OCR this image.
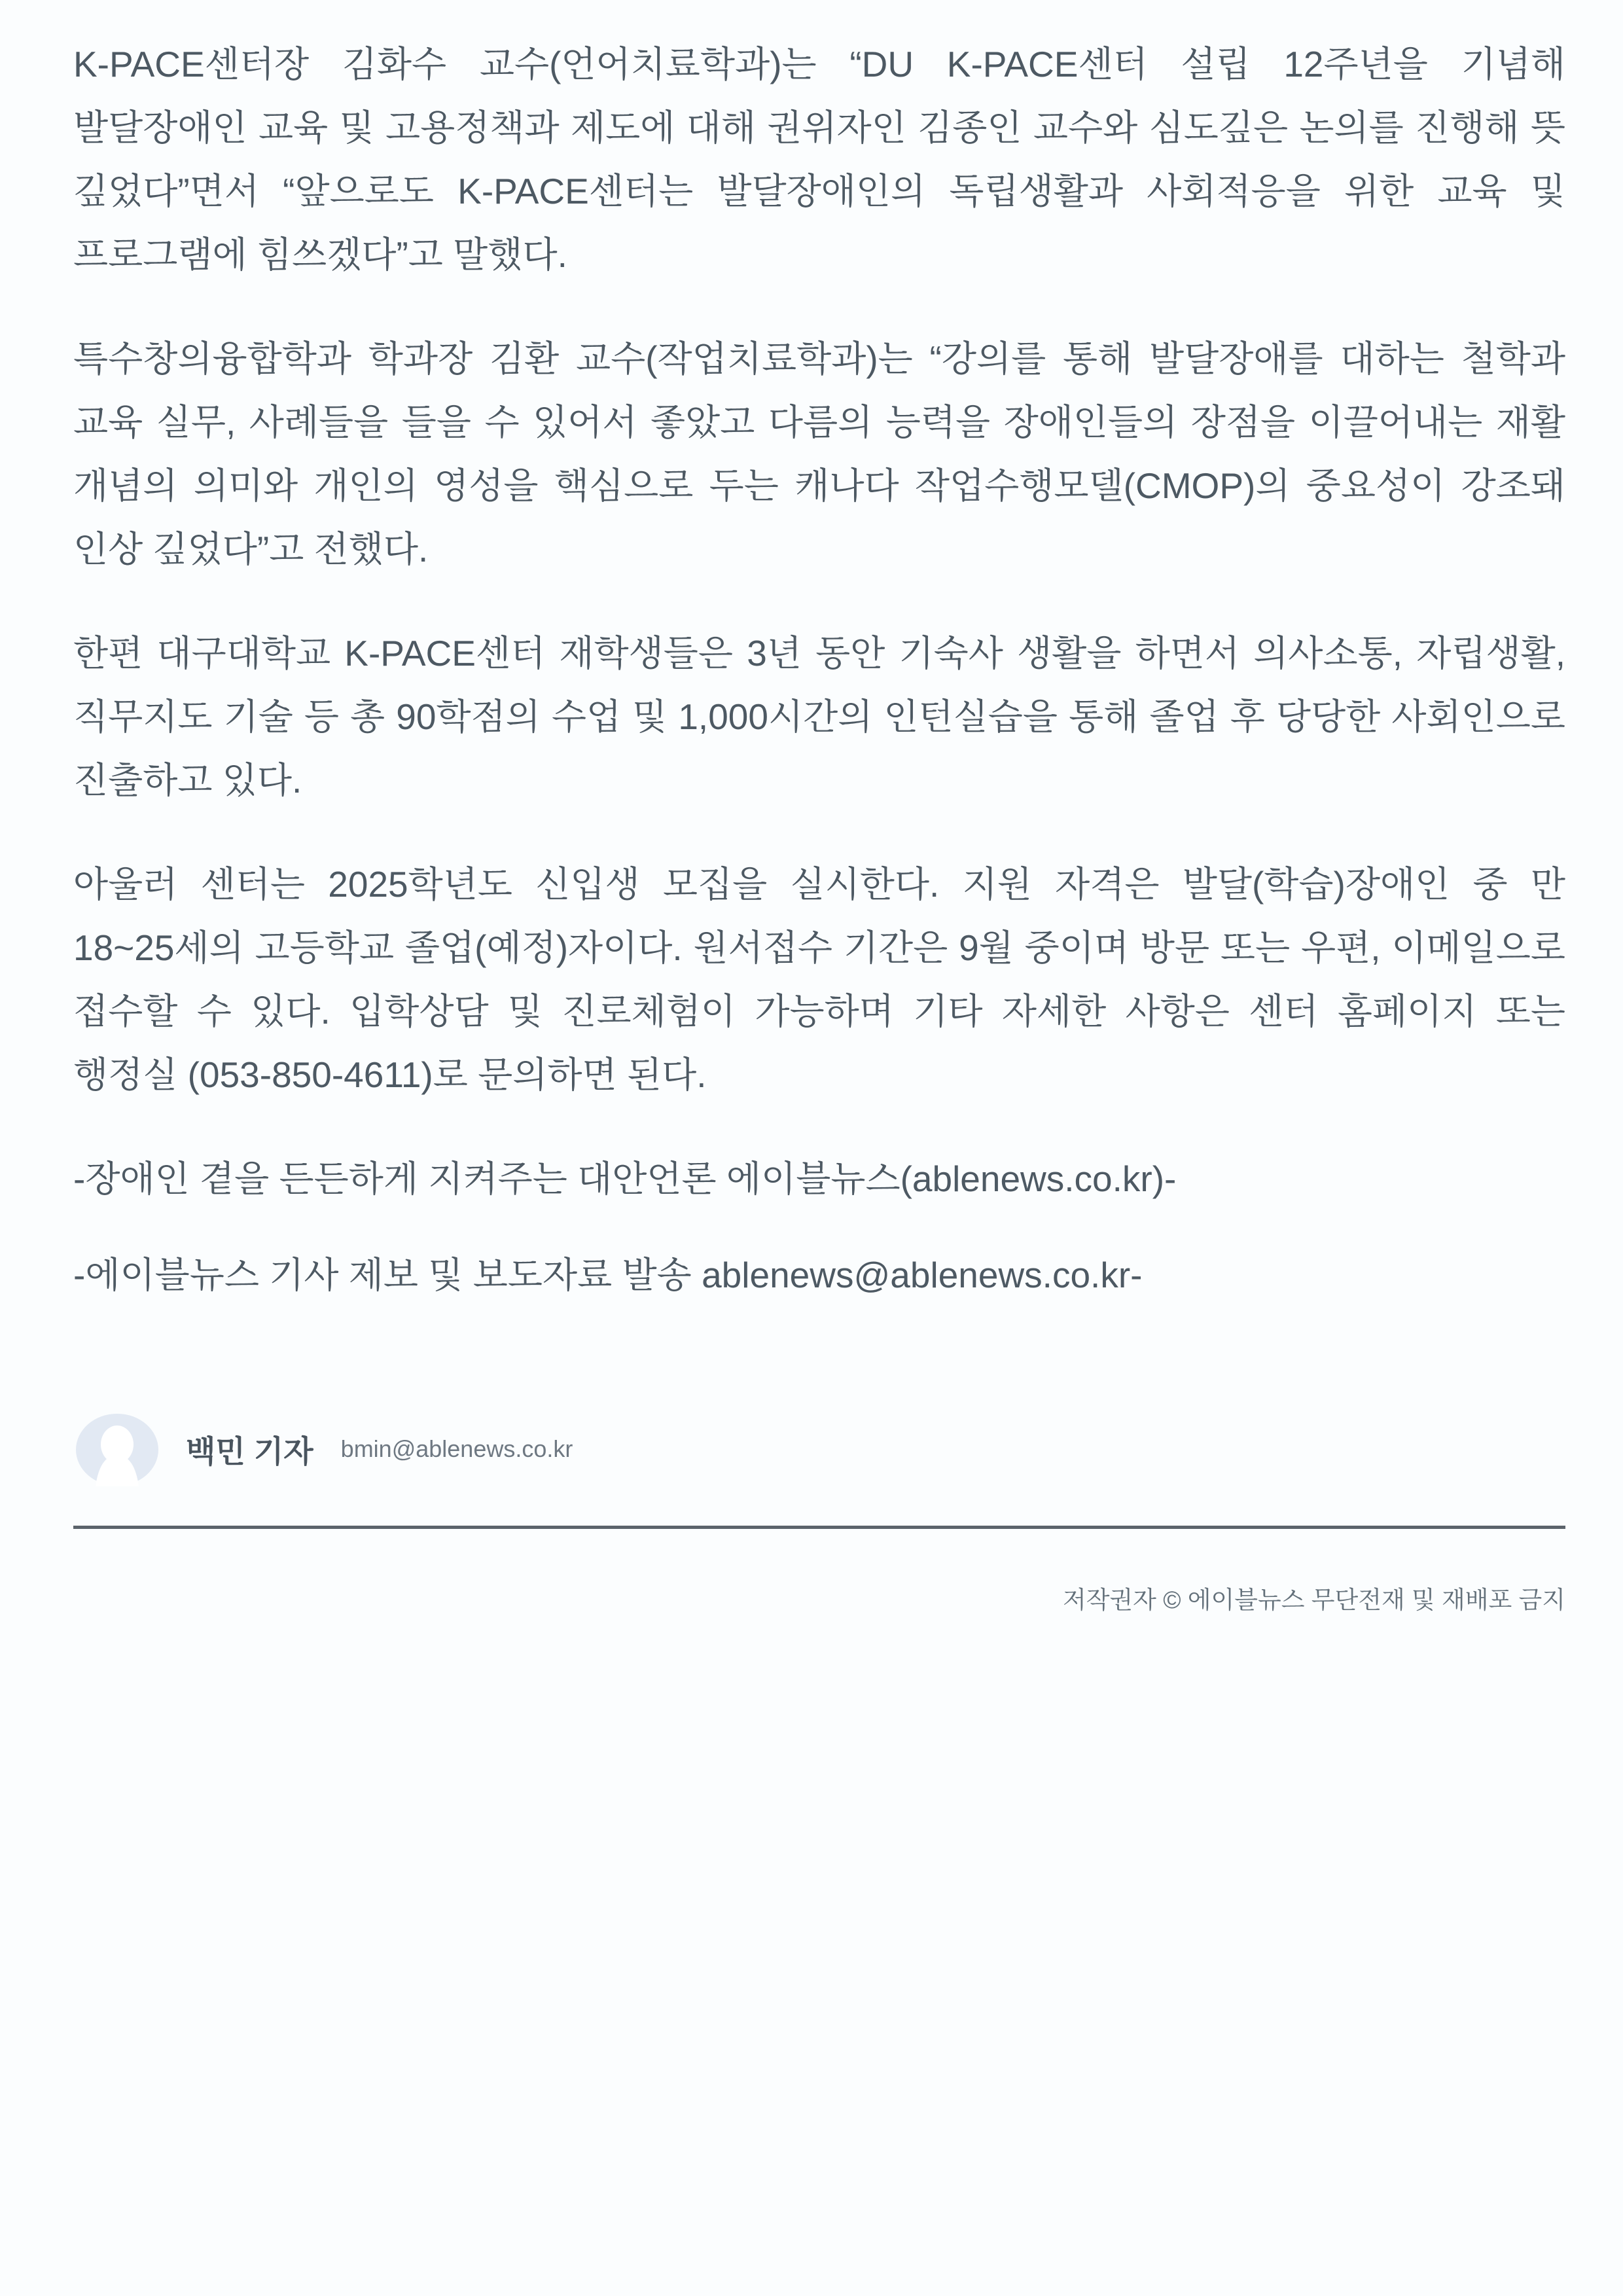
K-PACE센터장 김화수 교수(언어치료학과)는 “DU K-PACE센터 설립 12주년을 기념해 발달장애인 교육 및 고용정책과 제도에 대해 권위자인 김종인 교수와 심도깊은 논의를 진행해 뜻 깊었다”면서 “앞으로도 K-PACE센터는 발달장애인의 독립생활과 사회적응을 위한 교육 및 프로그램에 힘쓰겠다”고 말했다.

특수창의융합학과 학과장 김환 교수(작업치료학과)는 “강의를 통해 발달장애를 대하는 철학과 교육 실무, 사례들을 들을 수 있어서 좋았고 다름의 능력을 장애인들의 장점을 이끌어내는 재활 개념의 의미와 개인의 영성을 핵심으로 두는 캐나다 작업수행모델(CMOP)의 중요성이 강조돼 인상 깊었다”고 전했다.

한편 대구대학교 K-PACE센터 재학생들은 3년 동안 기숙사 생활을 하면서 의사소통, 자립생활, 직무지도 기술 등 총 90학점의 수업 및 1,000시간의 인턴실습을 통해 졸업 후 당당한 사회인으로 진출하고 있다.

아울러 센터는 2025학년도 신입생 모집을 실시한다. 지원 자격은 발달(학습)장애인 중 만 18~25세의 고등학교 졸업(예정)자이다. 원서접수 기간은 9월 중이며 방문 또는 우편, 이메일으로 접수할 수 있다. 입학상담 및 진로체험이 가능하며 기타 자세한 사항은 센터 홈페이지 또는 행정실 (053-850-4611)로 문의하면 된다.

-장애인 곁을 든든하게 지켜주는 대안언론 에이블뉴스(ablenews.co.kr)-

-에이블뉴스 기사 제보 및 보도자료 발송 ablenews@ablenews.co.kr-

백민 기자 bmin@ablenews.co.kr
저작권자 © 에이블뉴스 무단전재 및 재배포 금지
